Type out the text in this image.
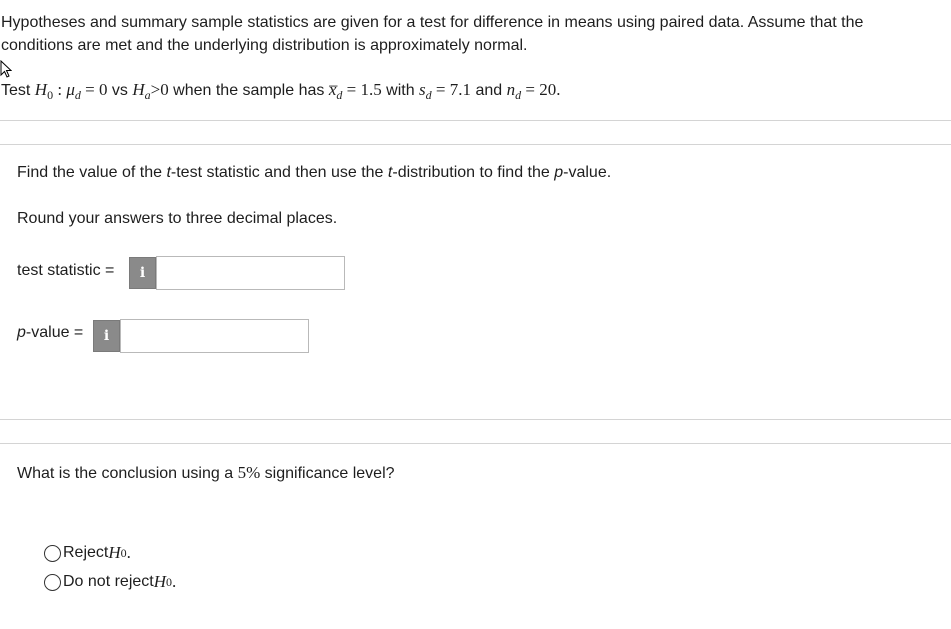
Hypotheses and summary sample statistics are given for a test for difference in means using paired data. Assume that the conditions are met and the underlying distribution is approximately normal.

Test $H_0$ : $\mu_d = 0$ vs $H_a>0$ when the sample has $x̅_d = 1.5$ with $s_d = 7.1$ and $n_d = 20$.

Find the value of the t-test statistic and then use the t-distribution to find the p-value.

Round your answers to three decimal places.

test statistic = i

p-value = i

What is the conclusion using a 5% significance level?

Reject H 0 .
Do not reject H 0 .
